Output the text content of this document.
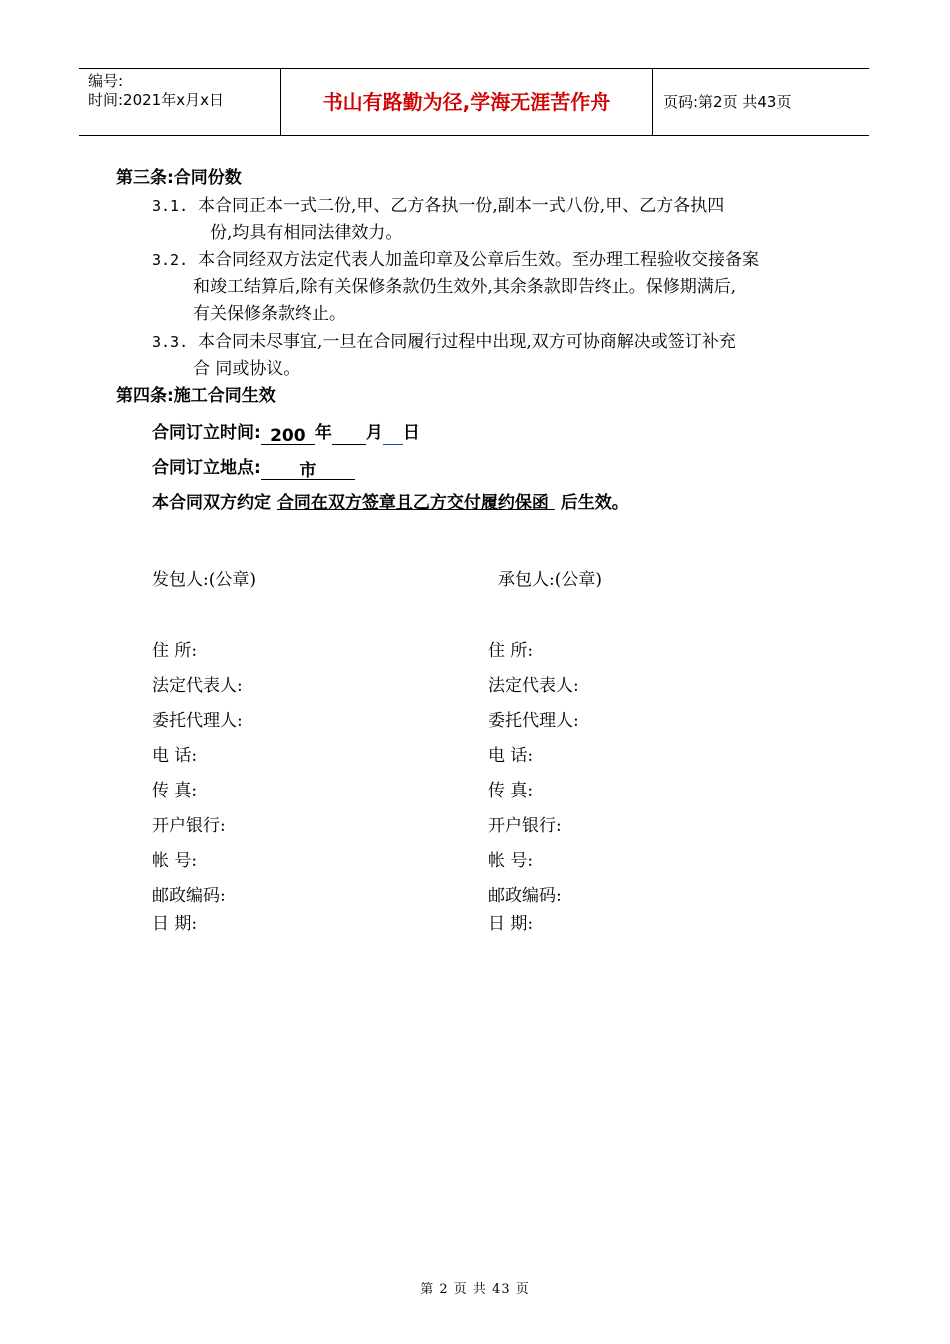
编号:
时间:2021年x月x日	书山有路勤为径,学海无涯苦作舟	页码:第2页 共43页
第三条:合同份数
3.1. 本合同正本一式二份,甲、乙方各执一份,副本一式八份,甲、乙方各执四
份,均具有相同法律效力。
3.2. 本合同经双方法定代表人加盖印章及公章后生效。至办理工程验收交接备案
和竣工结算后,除有关保修条款仍生效外,其余条款即告终止。保修期满后,
有关保修条款终止。
3.3. 本合同未尽事宜,一旦在合同履行过程中出现,双方可协商解决或签订补充
合 同或协议。
第四条:施工合同生效
合同订立时间: 200 年 月 日
合同订立地点: 市
本合同双方约定 合同在双方签章且乙方交付履约保函 后生效。
发包人:(公章)
住 所:
法定代表人:
委托代理人:
电 话:
传 真:
开户银行:
帐 号:
邮政编码:
日 期:
承包人:(公章)
住 所:
法定代表人:
委托代理人:
电 话:
传 真:
开户银行:
帐 号:
邮政编码:
日 期:
第 2 页 共 43 页
